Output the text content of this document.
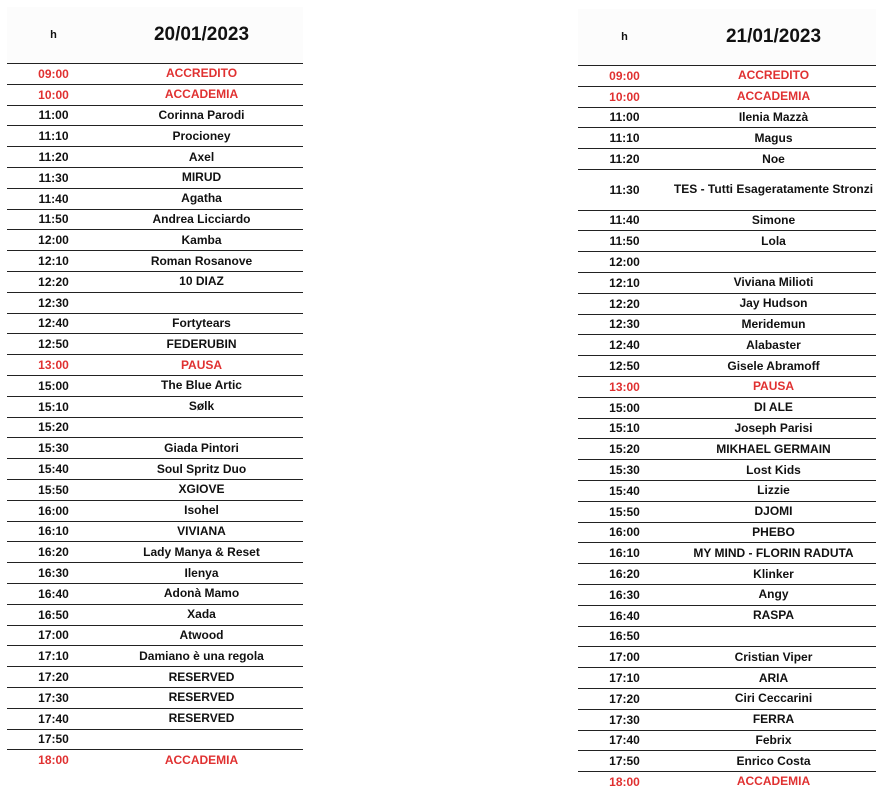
h	20/01/2023
09:00	ACCREDITO
10:00	ACCADEMIA
11:00	Corinna Parodi
11:10	Procioney
11:20	Axel
11:30	MIRUD
11:40	Agatha
11:50	Andrea Licciardo
12:00	Kamba
12:10	Roman Rosanove
12:20	10 DIAZ
12:30
12:40	Fortytears
12:50	FEDERUBIN
13:00	PAUSA
15:00	The Blue Artic
15:10	Sølk
15:20
15:30	Giada Pintori
15:40	Soul Spritz Duo
15:50	XGIOVE
16:00	Isohel
16:10	VIVIANA
16:20	Lady Manya & Reset
16:30	Ilenya
16:40	Adonà Mamo
16:50	Xada
17:00	Atwood
17:10	Damiano è una regola
17:20	RESERVED
17:30	RESERVED
17:40	RESERVED
17:50
18:00	ACCADEMIA
h	21/01/2023
09:00	ACCREDITO
10:00	ACCADEMIA
11:00	Ilenia Mazzà
11:10	Magus
11:20	Noe
11:30	TES - Tutti Esageratamente Stronzi
11:40	Simone
11:50	Lola
12:00
12:10	Viviana Milioti
12:20	Jay Hudson
12:30	Meridemun
12:40	Alabaster
12:50	Gisele Abramoff
13:00	PAUSA
15:00	DI ALE
15:10	Joseph Parisi
15:20	MIKHAEL GERMAIN
15:30	Lost Kids
15:40	Lizzie
15:50	DJOMI
16:00	PHEBO
16:10	MY MIND - FLORIN RADUTA
16:20	Klinker
16:30	Angy
16:40	RASPA
16:50
17:00	Cristian Viper
17:10	ARIA
17:20	Ciri Ceccarini
17:30	FERRA
17:40	Febrix
17:50	Enrico Costa
18:00	ACCADEMIA
